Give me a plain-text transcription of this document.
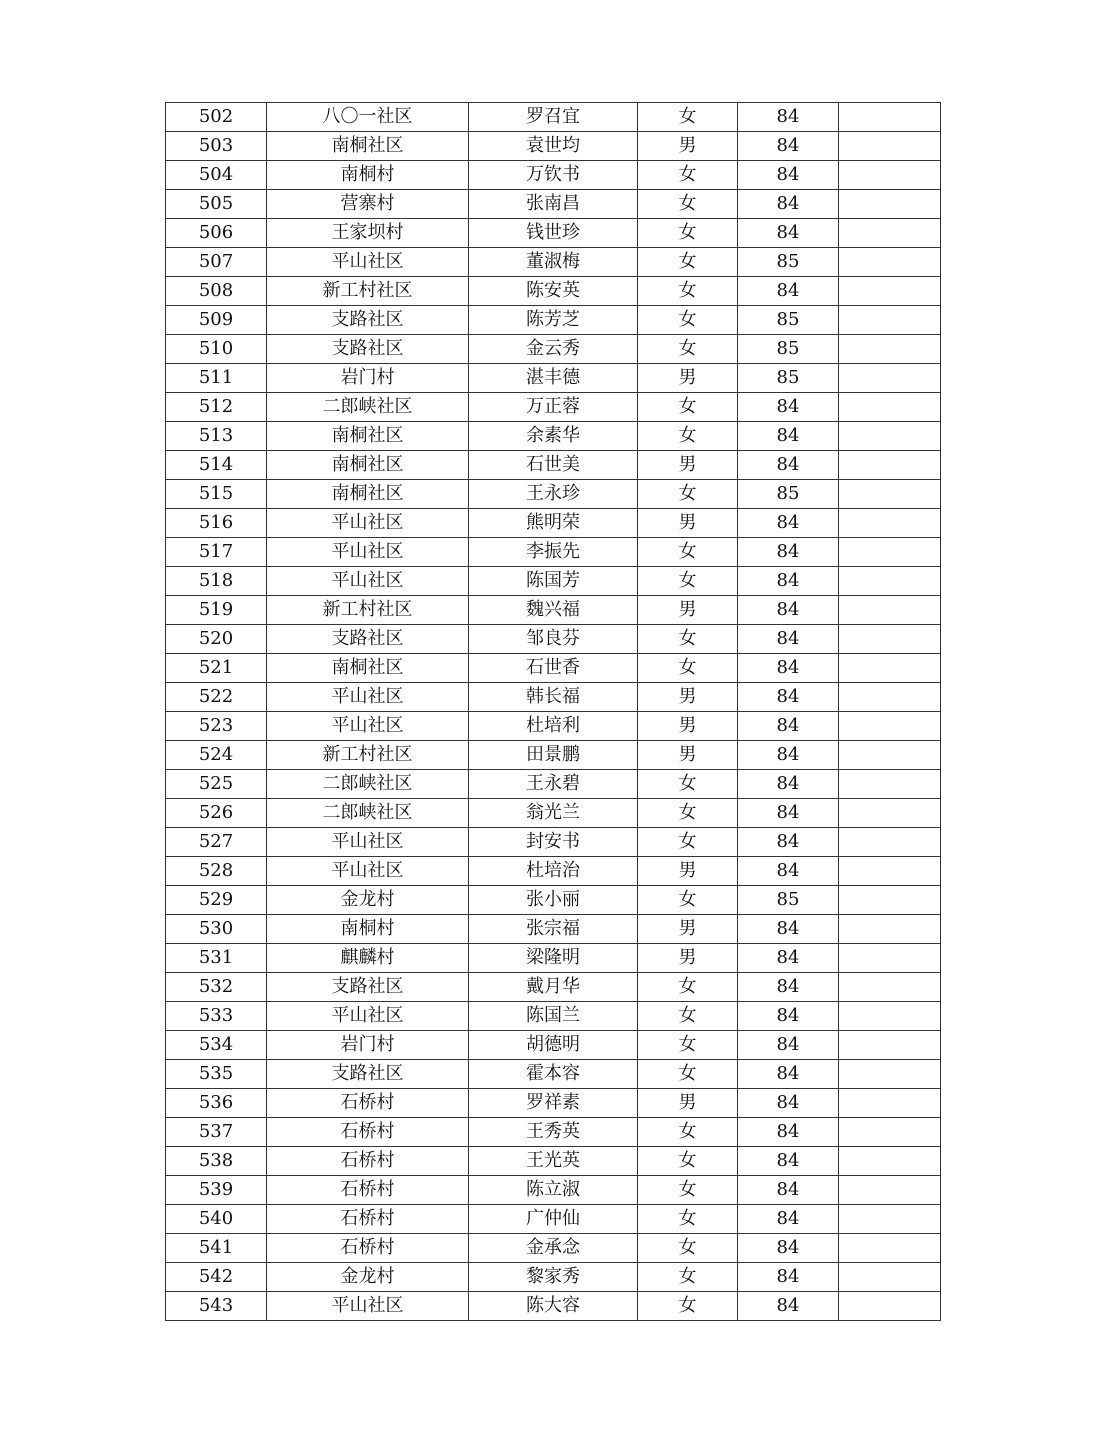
502	八〇一社区	罗召宜	女	84	
503	南桐社区	袁世均	男	84	
504	南桐村	万钦书	女	84	
505	营寨村	张南昌	女	84	
506	王家坝村	钱世珍	女	84	
507	平山社区	董淑梅	女	85	
508	新工村社区	陈安英	女	84	
509	支路社区	陈芳芝	女	85	
510	支路社区	金云秀	女	85	
511	岩门村	湛丰德	男	85	
512	二郎峡社区	万正蓉	女	84	
513	南桐社区	余素华	女	84	
514	南桐社区	石世美	男	84	
515	南桐社区	王永珍	女	85	
516	平山社区	熊明荣	男	84	
517	平山社区	李振先	女	84	
518	平山社区	陈国芳	女	84	
519	新工村社区	魏兴福	男	84	
520	支路社区	邹良芬	女	84	
521	南桐社区	石世香	女	84	
522	平山社区	韩长福	男	84	
523	平山社区	杜培利	男	84	
524	新工村社区	田景鹏	男	84	
525	二郎峡社区	王永碧	女	84	
526	二郎峡社区	翁光兰	女	84	
527	平山社区	封安书	女	84	
528	平山社区	杜培治	男	84	
529	金龙村	张小丽	女	85	
530	南桐村	张宗福	男	84	
531	麒麟村	梁隆明	男	84	
532	支路社区	戴月华	女	84	
533	平山社区	陈国兰	女	84	
534	岩门村	胡德明	女	84	
535	支路社区	霍本容	女	84	
536	石桥村	罗祥素	男	84	
537	石桥村	王秀英	女	84	
538	石桥村	王光英	女	84	
539	石桥村	陈立淑	女	84	
540	石桥村	广仲仙	女	84	
541	石桥村	金承念	女	84	
542	金龙村	黎家秀	女	84	
543	平山社区	陈大容	女	84	
